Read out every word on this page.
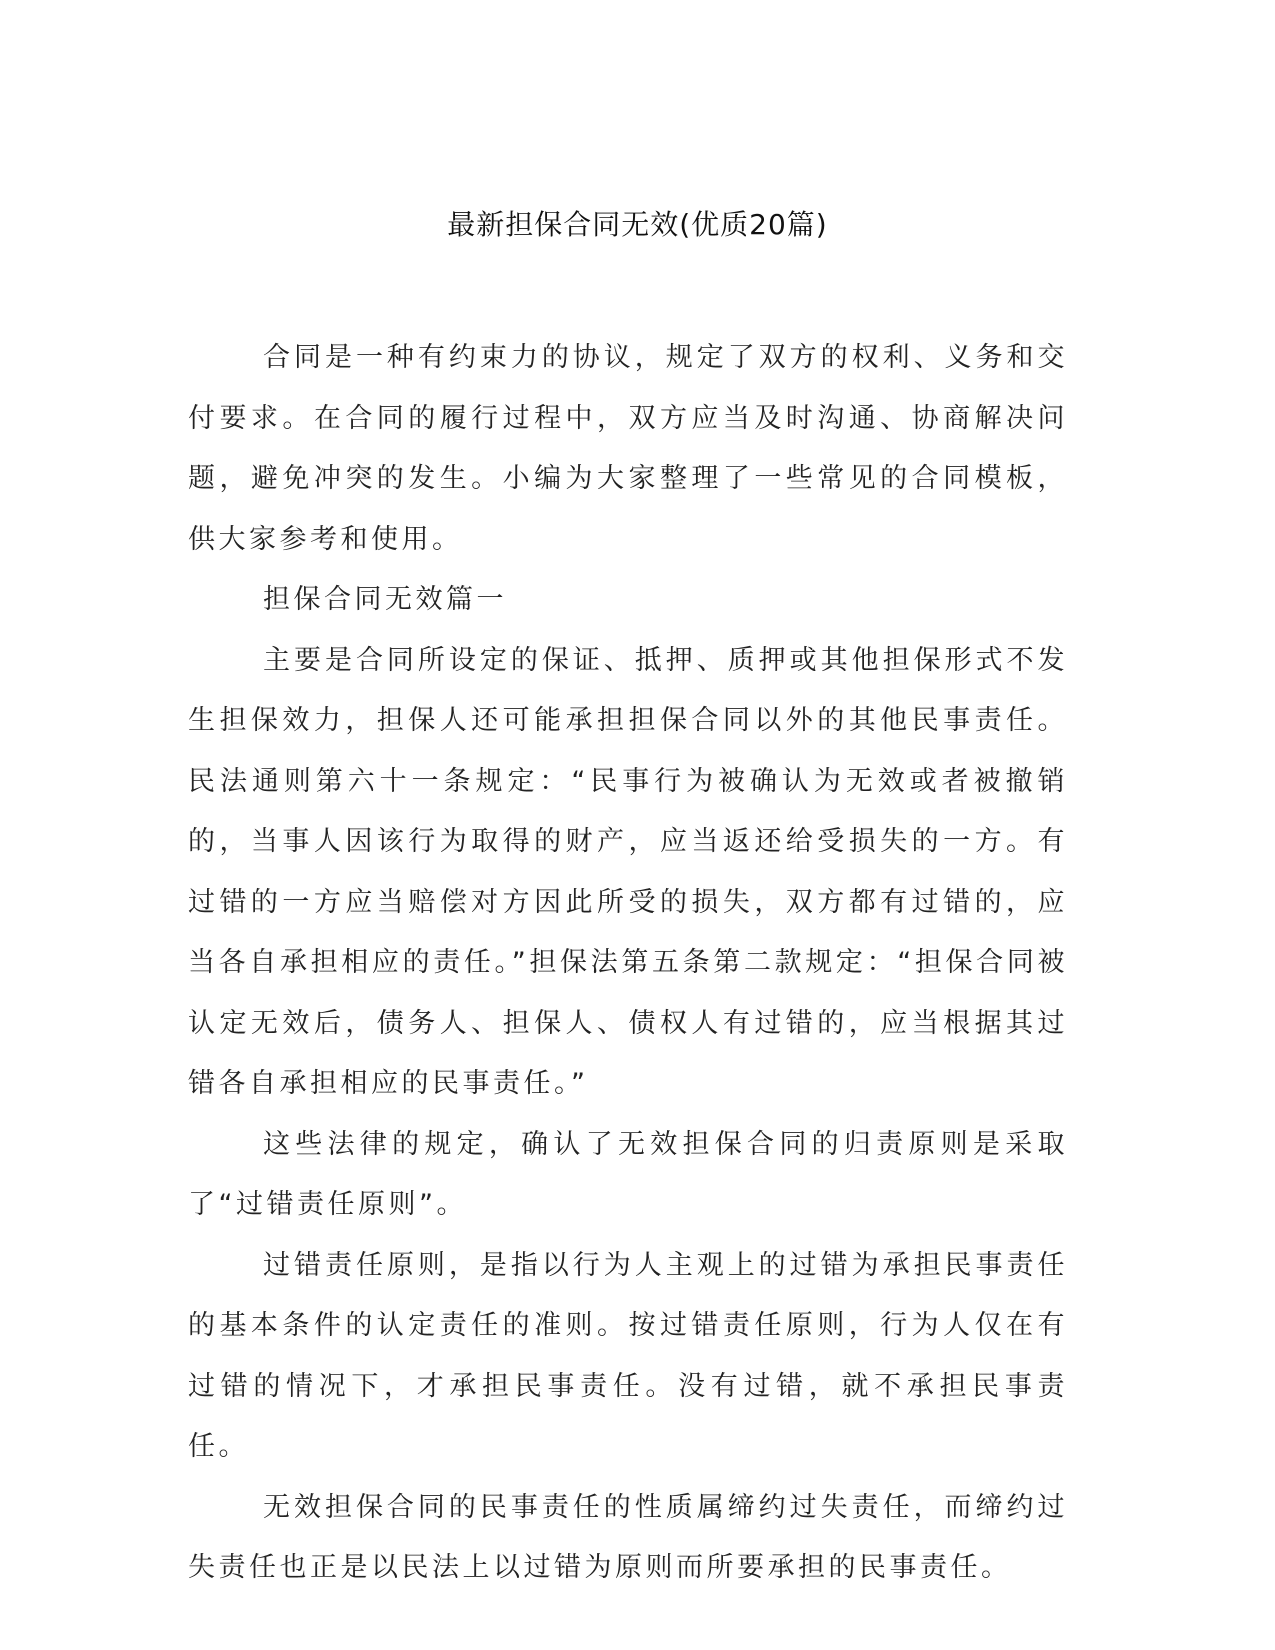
最新担保合同无效(优质20篇)

合同是一种有约束力的协议，规定了双方的权利、义务和交付要求。在合同的履行过程中，双方应当及时沟通、协商解决问题，避免冲突的发生。小编为大家整理了一些常见的合同模板，供大家参考和使用。

担保合同无效篇一

主要是合同所设定的保证、抵押、质押或其他担保形式不发生担保效力，担保人还可能承担担保合同以外的其他民事责任。民法通则第六十一条规定：“民事行为被确认为无效或者被撤销的，当事人因该行为取得的财产，应当返还给受损失的一方。有过错的一方应当赔偿对方因此所受的损失，双方都有过错的，应当各自承担相应的责任。”担保法第五条第二款规定：“担保合同被认定无效后，债务人、担保人、债权人有过错的，应当根据其过错各自承担相应的民事责任。”

这些法律的规定，确认了无效担保合同的归责原则是采取了“过错责任原则”。

过错责任原则，是指以行为人主观上的过错为承担民事责任的基本条件的认定责任的准则。按过错责任原则，行为人仅在有过错的情况下，才承担民事责任。没有过错，就不承担民事责任。

无效担保合同的民事责任的性质属缔约过失责任，而缔约过失责任也正是以民法上以过错为原则而所要承担的民事责任。
